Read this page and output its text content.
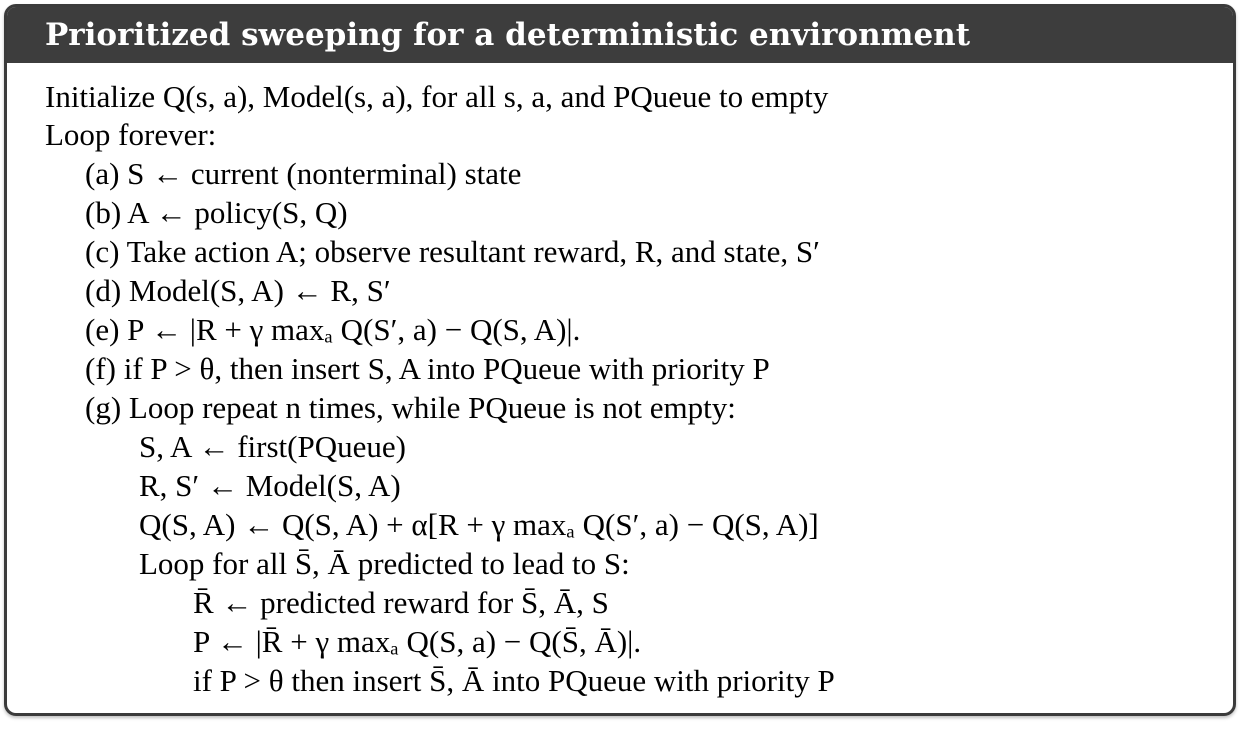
Prioritized sweeping for a deterministic environment
Initialize Q(s, a), Model(s, a), for all s, a, and PQueue to empty
Loop forever:
(a) S ← current (nonterminal) state
(b) A ← policy(S, Q)
(c) Take action A; observe resultant reward, R, and state, S′
(d) Model(S, A) ← R, S′
(e) P ← |R + γ maxₐ Q(S′, a) − Q(S, A)|.
(f) if P > θ, then insert S, A into PQueue with priority P
(g) Loop repeat n times, while PQueue is not empty:
S, A ← first(PQueue)
R, S′ ← Model(S, A)
Q(S, A) ← Q(S, A) + α[R + γ maxₐ Q(S′, a) − Q(S, A)]
Loop for all S̄, Ā predicted to lead to S:
R̄ ← predicted reward for S̄, Ā, S
P ← |R̄ + γ maxₐ Q(S, a) − Q(S̄, Ā)|.
if P > θ then insert S̄, Ā into PQueue with priority P
